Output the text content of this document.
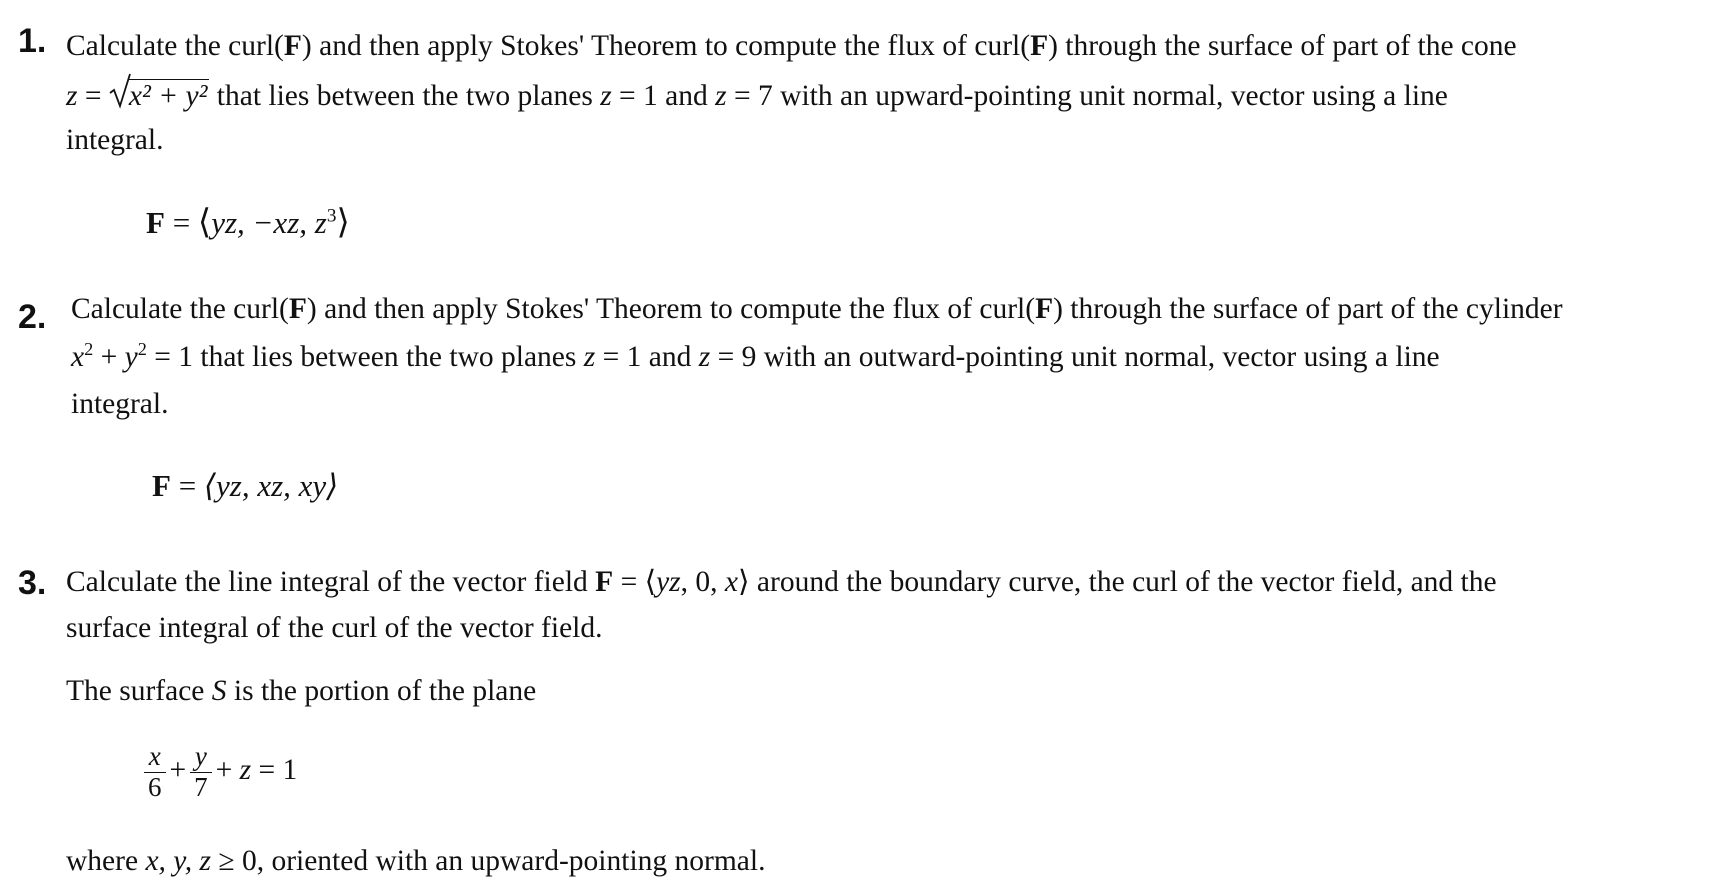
1. Calculate the curl(F) and then apply Stokes' Theorem to compute the flux of curl(F) through the surface of part of the cone
z =
x² + y² that lies between the two planes z = 1 and z = 7 with an upward-pointing unit normal, vector using a line
integral.
F = ⟨yz, −xz, $z^3⟩$
2. Calculate the curl(F) and then apply Stokes' Theorem to compute the flux of curl(F) through the surface of part of the cylinder
$x^2 + y^2 = 1$ that lies between the two planes z = 1 and z = 9 with an outward-pointing unit normal, vector using a line
integral.
F = ⟨yz, xz, xy⟩
3. Calculate the line integral of the vector field F = ⟨yz, 0, x⟩ around the boundary curve, the curl of the vector field, and the
surface integral of the curl of the vector field.
The surface S is the portion of the plane
$\frac{x}{6} + \frac{y}{7} + z = 1$
where x, y, z ≥ 0, oriented with an upward-pointing normal.
